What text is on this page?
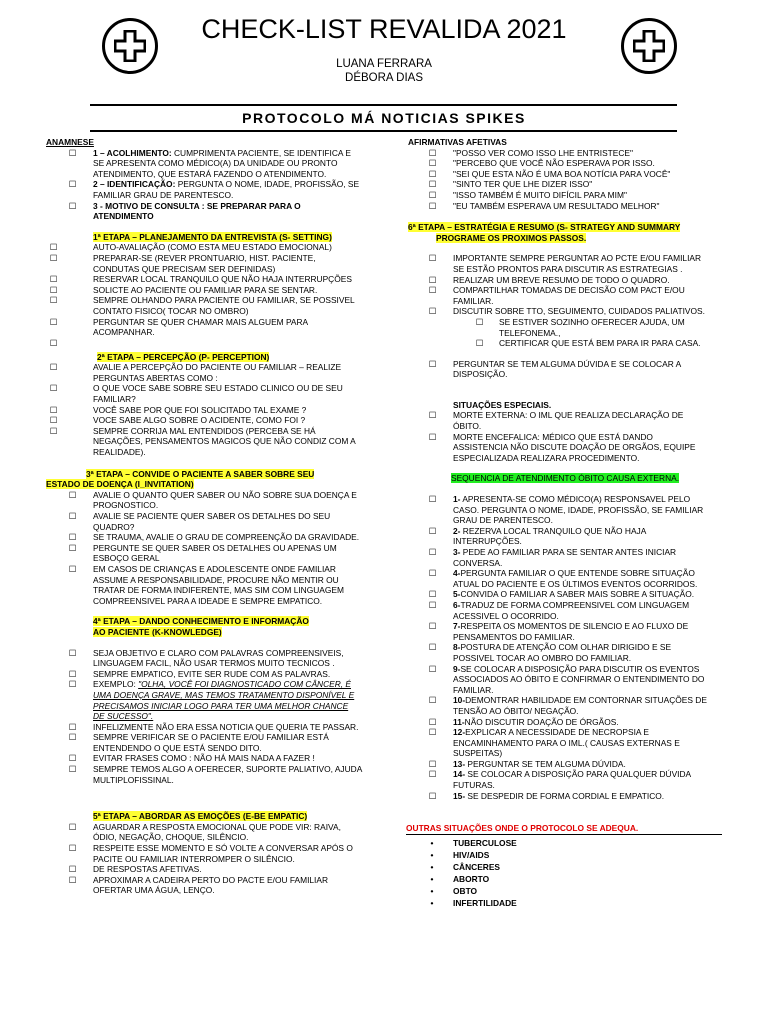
CHECK-LIST REVALIDA 2021
LUANA FERRARA
DÉBORA DIAS
PROTOCOLO MÁ NOTICIAS SPIKES
ANAMNESE
☐ 1 – ACOLHIMENTO: CUMPRIMENTA PACIENTE, SE IDENTIFICA E SE APRESENTA COMO MÉDICO(A) DA UNIDADE OU PRONTO ATENDIMENTO, QUE ESTARÁ FAZENDO O ATENDIMENTO.
☐ 2 – IDENTIFICAÇÃO: PERGUNTA O NOME, IDADE, PROFISSÃO, SE FAMILIAR GRAU DE PARENTESCO.
☐ 3 - MOTIVO DE CONSULTA : SE PREPARAR PARA O ATENDIMENTO
1ª ETAPA – PLANEJAMENTO DA ENTREVISTA (S- SETTING)
☐	AUTO-AVALIAÇÃO (COMO ESTA MEU ESTADO EMOCIONAL)
☐	PREPARAR-SE (REVER PRONTUARIO, HIST. PACIENTE, CONDUTAS QUE PRECISAM SER DEFINIDAS)
☐	RESERVAR LOCAL TRANQUILO QUE NÃO HAJA INTERRUPÇÕES
☐	SOLICTE AO PACIENTE OU FAMILIAR PARA SE SENTAR.
☐	SEMPRE OLHANDO PARA PACIENTE OU FAMILIAR, SE POSSIVEL CONTATO FISICO( TOCAR NO OMBRO)
☐	PERGUNTAR SE QUER CHAMAR MAIS ALGUEM PARA ACOMPANHAR.
☐
2ª ETAPA – PERCEPÇÃO (P- PERCEPTION)
☐	AVALIE A PERCEPÇÃO DO PACIENTE OU FAMILIAR – REALIZE PERGUNTAS ABERTAS COMO :
☐	O QUE VOCE SABE SOBRE SEU ESTADO CLINICO OU DE SEU FAMILIAR?
☐	VOCÊ SABE POR QUE FOI SOLICITADO TAL EXAME ?
☐	VOCE SABE ALGO SOBRE O ACIDENTE, COMO FOI ?
☐	SEMPRE CORRIJA MAL ENTENDIDOS (PERCEBA SE HÁ NEGAÇÕES, PENSAMENTOS MAGICOS QUE NÃO CONDIZ COM A REALIDADE).
3ª ETAPA – CONVIDE O PACIENTE A SABER SOBRE SEU
ESTADO DE DOENÇA (I_INVITATION)
☐ AVALIE O QUANTO QUER SABER OU NÃO SOBRE SUA DOENÇA E PROGNOSTICO.
☐ AVALIE SE PACIENTE QUER SABER OS DETALHES DO SEU QUADRO?
☐ SE TRAUMA, AVALIE O GRAU DE COMPREENÇÃO DA GRAVIDADE.
☐ PERGUNTE SE QUER SABER OS DETALHES OU APENAS UM ESBOÇO GERAL
☐ EM CASOS DE CRIANÇAS E ADOLESCENTE ONDE FAMILIAR ASSUME A RESPONSABILIDADE, PROCURE NÃO MENTIR OU TRATAR DE FORMA INDIFERENTE, MAS SIM COM LINGUAGEM COMPREENSIVEL PARA A IDEADE E SEMPRE EMPATICO.
4ª ETAPA – DANDO CONHECIMENTO E INFORMAÇÃO AO PACIENTE (K-KNOWLEDGE)
☐ SEJA OBJETIVO E CLARO COM PALAVRAS COMPREENSIVEIS, LINGUAGEM FACIL, NÃO USAR TERMOS MUITO TECNICOS .
☐ SEMPRE EMPATICO, EVITE SER RUDE COM AS PALAVRAS.
☐ EXEMPLO: "OLHA, VOCÊ FOI DIAGNOSTICADO COM CÂNCER, É UMA DOENÇA GRAVE, MAS TEMOS TRATAMENTO DISPONÍVEL E PRECISAMOS INICIAR LOGO PARA TER UMA MELHOR CHANCE DE SUCESSO".
☐ INFELIZMENTE NÃO ERA ESSA NOTICIA QUE QUERIA TE PASSAR.
☐ SEMPRE VERIFICAR SE O PACIENTE E/OU FAMILIAR ESTÁ ENTENDENDO O QUE ESTÁ SENDO DITO.
☐ EVITAR FRASES COMO : NÃO HÁ MAIS NADA A FAZER !
☐ SEMPRE TEMOS ALGO A OFERECER, SUPORTE PALIATIVO, AJUDA MULTIPLOFISSINAL.
5ª ETAPA – ABORDAR AS EMOÇÕES (E-BE EMPATIC)
☐ AGUARDAR A RESPOSTA EMOCIONAL QUE PODE VIR: RAIVA, ÓDIO, NEGAÇÃO, CHOQUE, SILÊNCIO.
☐ RESPEITE ESSE MOMENTO E SÓ VOLTE A CONVERSAR APÓS O PACITE OU FAMILIAR INTERROMPER O SILÊNCIO.
☐ DE RESPOSTAS AFETIVAS.
☐ APROXIMAR A CADEIRA PERTO DO PACTE E/OU FAMILIAR OFERTAR UMA ÁGUA, LENÇO.
AFIRMATIVAS AFETIVAS
☐ "POSSO VER COMO ISSO LHE ENTRISTECE"
☐ "PERCEBO QUE VOCÊ NÃO ESPERAVA POR ISSO.
☐ "SEI QUE ESTA NÃO É UMA BOA NOTÍCIA PARA VOCÊ"
☐ "SINTO TER QUE LHE DIZER ISSO"
☐ "ISSO TAMBÉM É MUITO DIFÍCIL PARA MIM"
☐ "EU TAMBÉM ESPERAVA UM RESULTADO MELHOR"
6ª ETAPA – ESTRATÉGIA E RESUMO (S- STRATEGY AND SUMMARY
PROGRAME OS PROXIMOS PASSOS.
☐ IMPORTANTE SEMPRE PERGUNTAR AO PCTE E/OU FAMILIAR SE ESTÃO PRONTOS PARA DISCUTIR AS ESTRATEGIAS .
☐ REALIZAR UM BREVE RESUMO DE TODO O QUADRO.
☐ COMPARTILHAR TOMADAS DE DECISÃO COM PACT E/OU FAMILIAR.
☐ DISCUTIR SOBRE TTO, SEGUIMENTO, CUIDADOS PALIATIVOS.
☐ SE ESTIVER SOZINHO OFERECER AJUDA, UM TELEFONEMA.,
☐ CERTIFICAR QUE ESTÁ BEM PARA IR PARA CASA.
☐ PERGUNTAR SE TEM ALGUMA DÚVIDA E SE COLOCAR A DISPOSIÇÃO.
SITUAÇÕES ESPECIAIS.
☐ MORTE EXTERNA: O IML QUE REALIZA DECLARAÇÃO DE ÓBITO.
☐ MORTE ENCEFALICA: MÉDICO QUE ESTÁ DANDO ASSISTENCIA NÃO DISCUTE DOAÇÃO DE ORGÃOS, EQUIPE ESPECIALIZADA REALIZARA PROCEDIMENTO.
SEQUENCIA DE ATENDIMENTO ÓBITO CAUSA EXTERNA.
☐ 1- APRESENTA-SE COMO MÉDICO(A) RESPONSAVEL PELO CASO. PERGUNTA O NOME, IDADE, PROFISSÃO, SE FAMILIAR GRAU DE PARENTESCO.
☐ 2- REZERVA LOCAL TRANQUILO QUE NÃO HAJA INTERRUPÇÕES.
☐ 3- PEDE AO FAMILIAR PARA SE SENTAR ANTES INICIAR CONVERSA.
☐ 4-PERGUNTA FAMILIAR O QUE ENTENDE SOBRE SITUAÇÃO ATUAL DO PACIENTE E OS ÚLTIMOS EVENTOS OCORRIDOS.
☐ 5-CONVIDA O FAMILIAR A SABER MAIS SOBRE A SITUAÇÃO.
☐ 6-TRADUZ DE FORMA COMPREENSIVEL COM LINGUAGEM ACESSIVEL O OCORRIDO.
☐ 7-RESPEITA OS MOMENTOS DE SILENCIO E AO FLUXO DE PENSAMENTOS DO FAMILIAR.
☐ 8-POSTURA DE ATENÇÃO COM OLHAR DIRIGIDO E SE POSSIVEL TOCAR AO OMBRO DO FAMILIAR.
☐ 9-SE COLOCAR A DISPOSIÇÃO PARA DISCUTIR OS EVENTOS ASSOCIADOS AO ÓBITO E CONFIRMAR O ENTENDIMENTO DO FAMILIAR.
☐ 10-DEMONTRAR HABILIDADE EM CONTORNAR SITUAÇÕES DE TENSÃO AO ÓBITO/ NEGAÇÃO.
☐ 11-NÃO DISCUTIR DOAÇÃO DE ÓRGÃOS.
☐ 12-EXPLICAR A NECESSIDADE DE NECROPSIA E ENCAMINHAMENTO PARA O IML.( CAUSAS EXTERNAS E SUSPEITAS)
☐ 13- PERGUNTAR SE TEM ALGUMA DÚVIDA.
☐ 14- SE COLOCAR A DISPOSIÇÃO PARA QUALQUER DÚVIDA FUTURAS.
☐ 15- SE DESPEDIR DE FORMA CORDIAL E EMPATICO.
OUTRAS SITUAÇÕES ONDE O PROTOCOLO SE ADEQUA.
•	TUBERCULOSE
•	HIV/AIDS
•	CÂNCERES
•	ABORTO
•	OBTO
•	INFERTILIDADE
